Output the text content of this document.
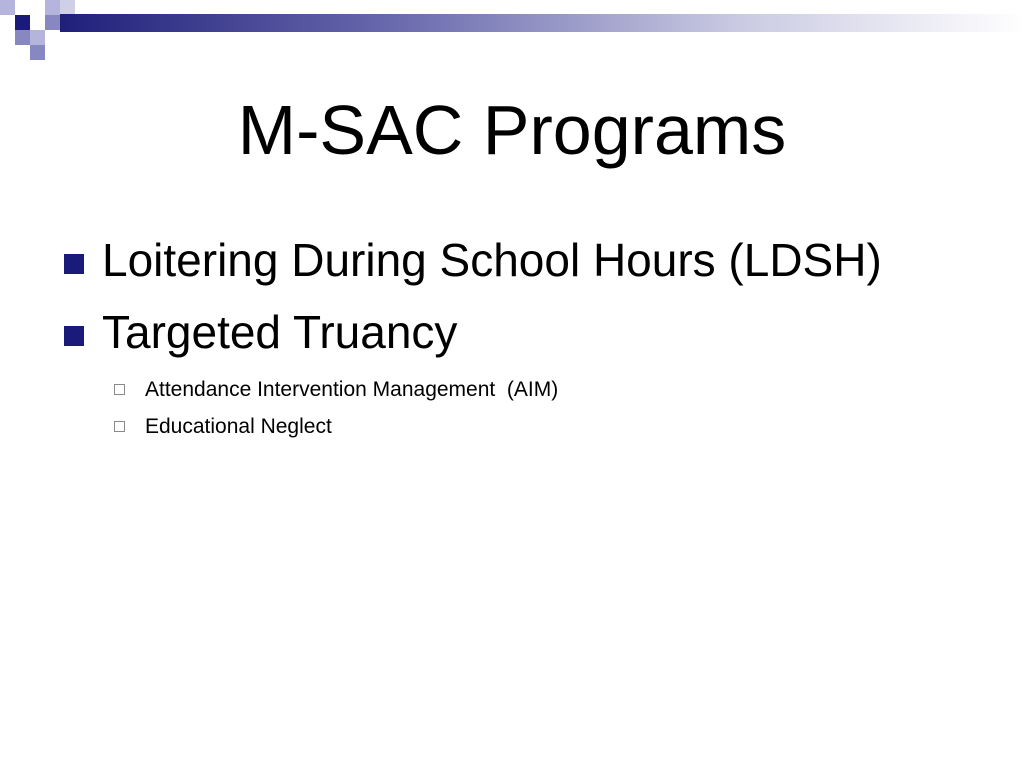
M-SAC Programs
Loitering During School Hours (LDSH)
Targeted Truancy
Attendance Intervention Management  (AIM)
Educational Neglect
